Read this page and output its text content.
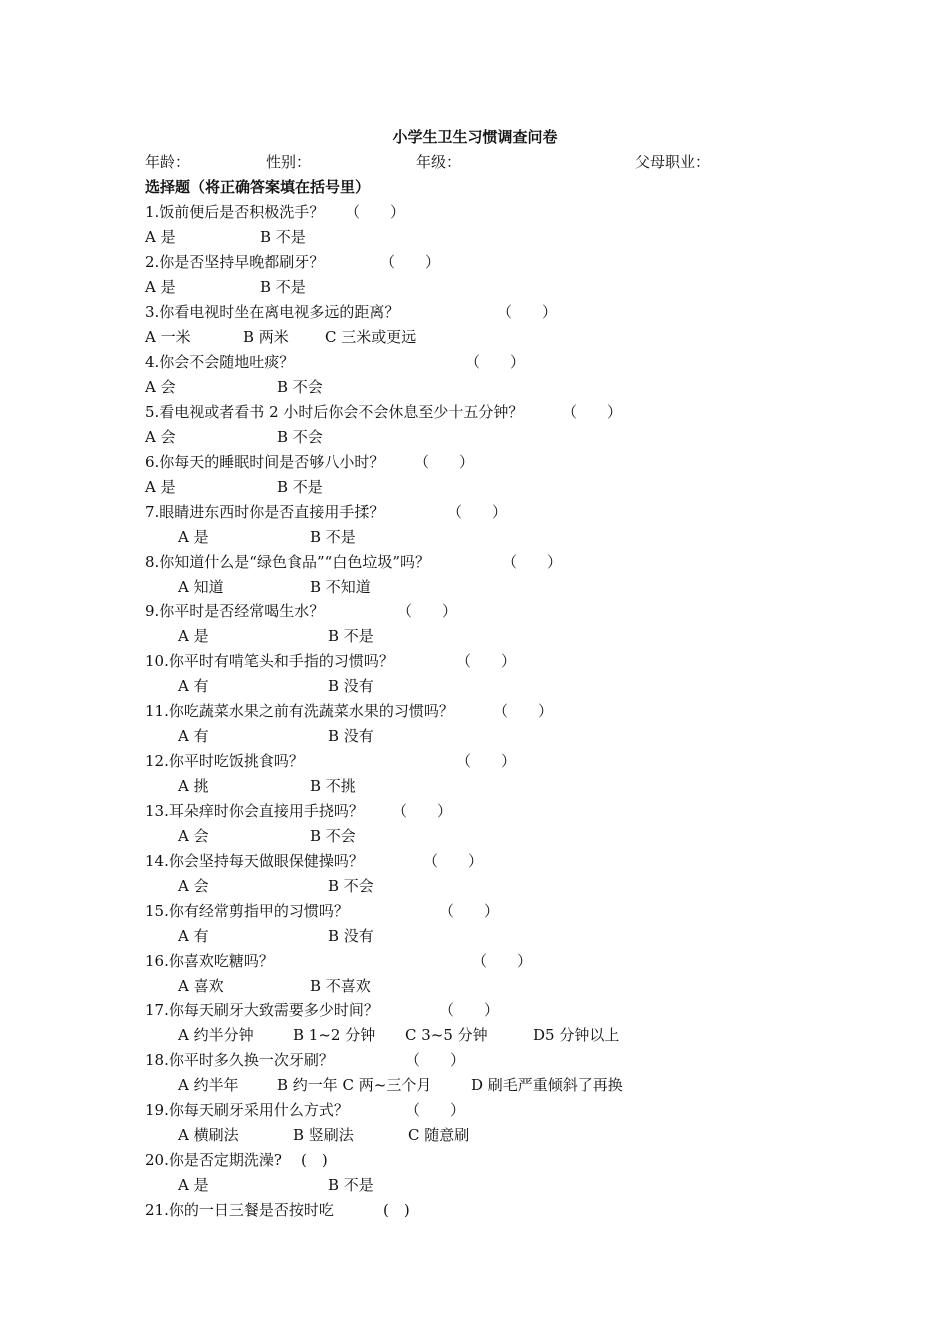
小学生卫生习惯调查问卷
年龄：	性别：	年级：	父母职业：
选择题（将正确答案填在括号里）
1.饭前便后是否积极洗手？ （　　）
A 是	B 不是
2.你是否坚持早晚都刷牙？	（　　）
A 是	B 不是
3.你看电视时坐在离电视多远的距离？	（　　）
A 一米	B 两米 C 三米或更远
4.你会不会随地吐痰？	（　　）
A 会	B 不会
5.看电视或者看书 2 小时后你会不会休息至少十五分钟？	（　　）
A 会	B 不会
6.你每天的睡眠时间是否够八小时？ （　　）
A 是	B 不是
7.眼睛进东西时你是否直接用手揉？	（　　）
A 是	B 不是
8.你知道什么是“绿色食品”“白色垃圾”吗？	（　　）
A 知道	B 不知道
9.你平时是否经常喝生水？	（　　）
A 是	B 不是
10.你平时有啃笔头和手指的习惯吗？	（　　）
A 有	B 没有
11.你吃蔬菜水果之前有洗蔬菜水果的习惯吗？	（　　）
A 有	B 没有
12.你平时吃饭挑食吗？	（　　）
A 挑	B 不挑
13.耳朵痒时你会直接用手挠吗？ （　　）
A 会	B 不会
14.你会坚持每天做眼保健操吗？	（　　）
A 会	B 不会
15.你有经常剪指甲的习惯吗？	（　　）
A 有	B 没有
16.你喜欢吃糖吗？	（　　）
A 喜欢	B 不喜欢
17.你每天刷牙大致需要多少时间？	（　　）
A 约半分钟	B 1~2 分钟 C 3~5 分钟	D5 分钟以上
18.你平时多久换一次牙刷？	（　　）
A 约半年	B 约一年 C 两~三个月	D 刷毛严重倾斜了再换
19.你每天刷牙采用什么方式？	（　　）
A 横刷法	B 竖刷法	C 随意刷
20.你是否定期洗澡? (　)
A 是	B 不是
21.你的一日三餐是否按时吃	(　)
